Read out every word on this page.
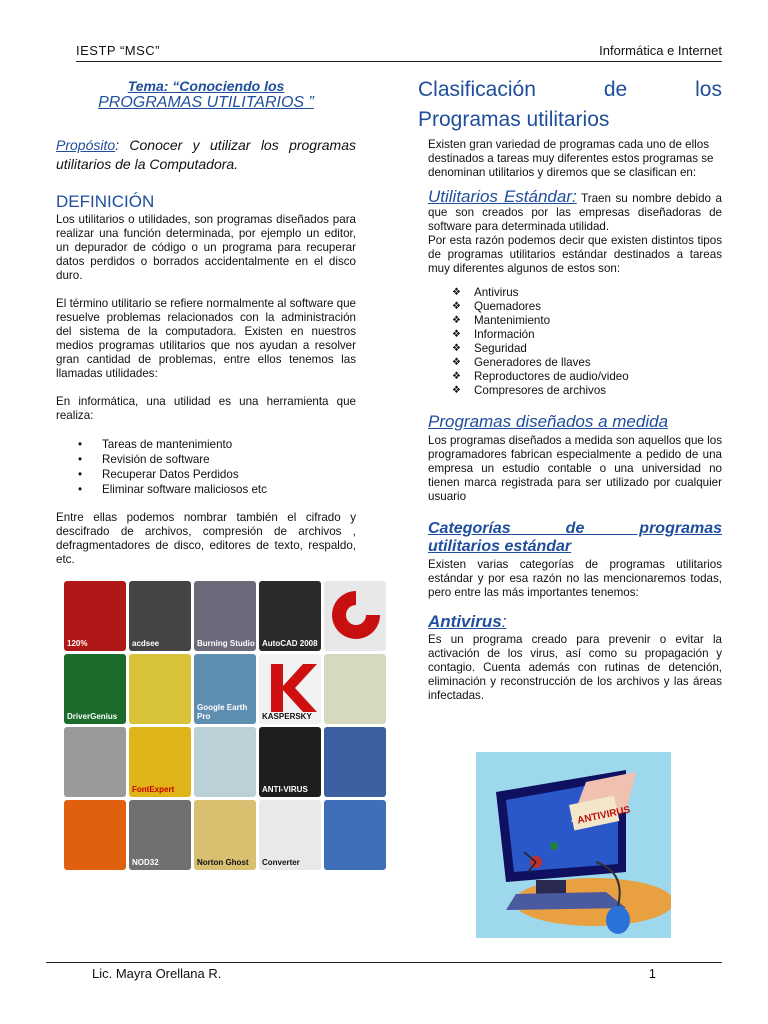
IESTP “MSC”	Informática e Internet

Tema: “Conociendo los

PROGRAMAS UTILITARIOS ”

Propósito: Conocer y utilizar los programas utilitarios de la Computadora.

DEFINICIÓN

Los utilitarios o utilidades, son programas diseñados para realizar una función determinada, por ejemplo un editor, un depurador de código o un programa para recuperar datos perdidos o borrados accidentalmente en el disco duro.

El término utilitario se refiere normalmente al software que resuelve problemas relacionados con la administración del sistema de la computadora. Existen en nuestros medios programas utilitarios que nos ayudan a resolver gran cantidad de problemas, entre ellos tenemos las llamadas utilidades:

En informática, una utilidad es una herramienta que realiza:

• Tareas de mantenimiento
• Revisión de software
• Recuperar Datos Perdidos
• Eliminar software maliciosos etc

Entre ellas podemos nombrar también el cifrado y descifrado de archivos, compresión de archivos , defragmentadores de disco, editores de texto, respaldo, etc.

120%	acdsee	Burning Studio AutoCAD 2008
DriverGenius
Google Earth Pro	KASPERSKY
FontExpert	ANTI-VIRUS
NOD32	Norton Ghost Converter
Clasificación	de	los
Programas utilitarios

Existen gran variedad de programas cada uno de ellos destinados a tareas muy diferentes estos programas se denominan utilitarios y diremos que se clasifican en:

Utilitarios Estándar: Traen su nombre debido a que son creados por las empresas diseñadoras de software para determinada utilidad.

Por esta razón podemos decir que existen distintos tipos de programas utilitarios estándar destinados a tareas muy diferentes algunos de estos son:

❖ Antivirus
❖ Quemadores
❖ Mantenimiento
❖ Información
❖ Seguridad
❖ Generadores de llaves
❖ Reproductores de audio/video
❖ Compresores de archivos
Programas diseñados a medida

Los programas diseñados a medida son aquellos que los programadores fabrican especialmente a pedido de una empresa un estudio contable o una universidad no tienen marca registrada para ser utilizado por cualquier usuario

Categorías de programas
utilitarios estándar

Existen varias categorías de programas utilitarios estándar y por esa razón no las mencionaremos todas, pero entre las más importantes tenemos:

Antivirus:

Es un programa creado para prevenir o evitar la activación de los virus, así como su propagación y contagio. Cuenta además con rutinas de detención, eliminación y reconstrucción de los archivos y las áreas infectadas.

ANTIVIRUS
Lic. Mayra Orellana R.	1
